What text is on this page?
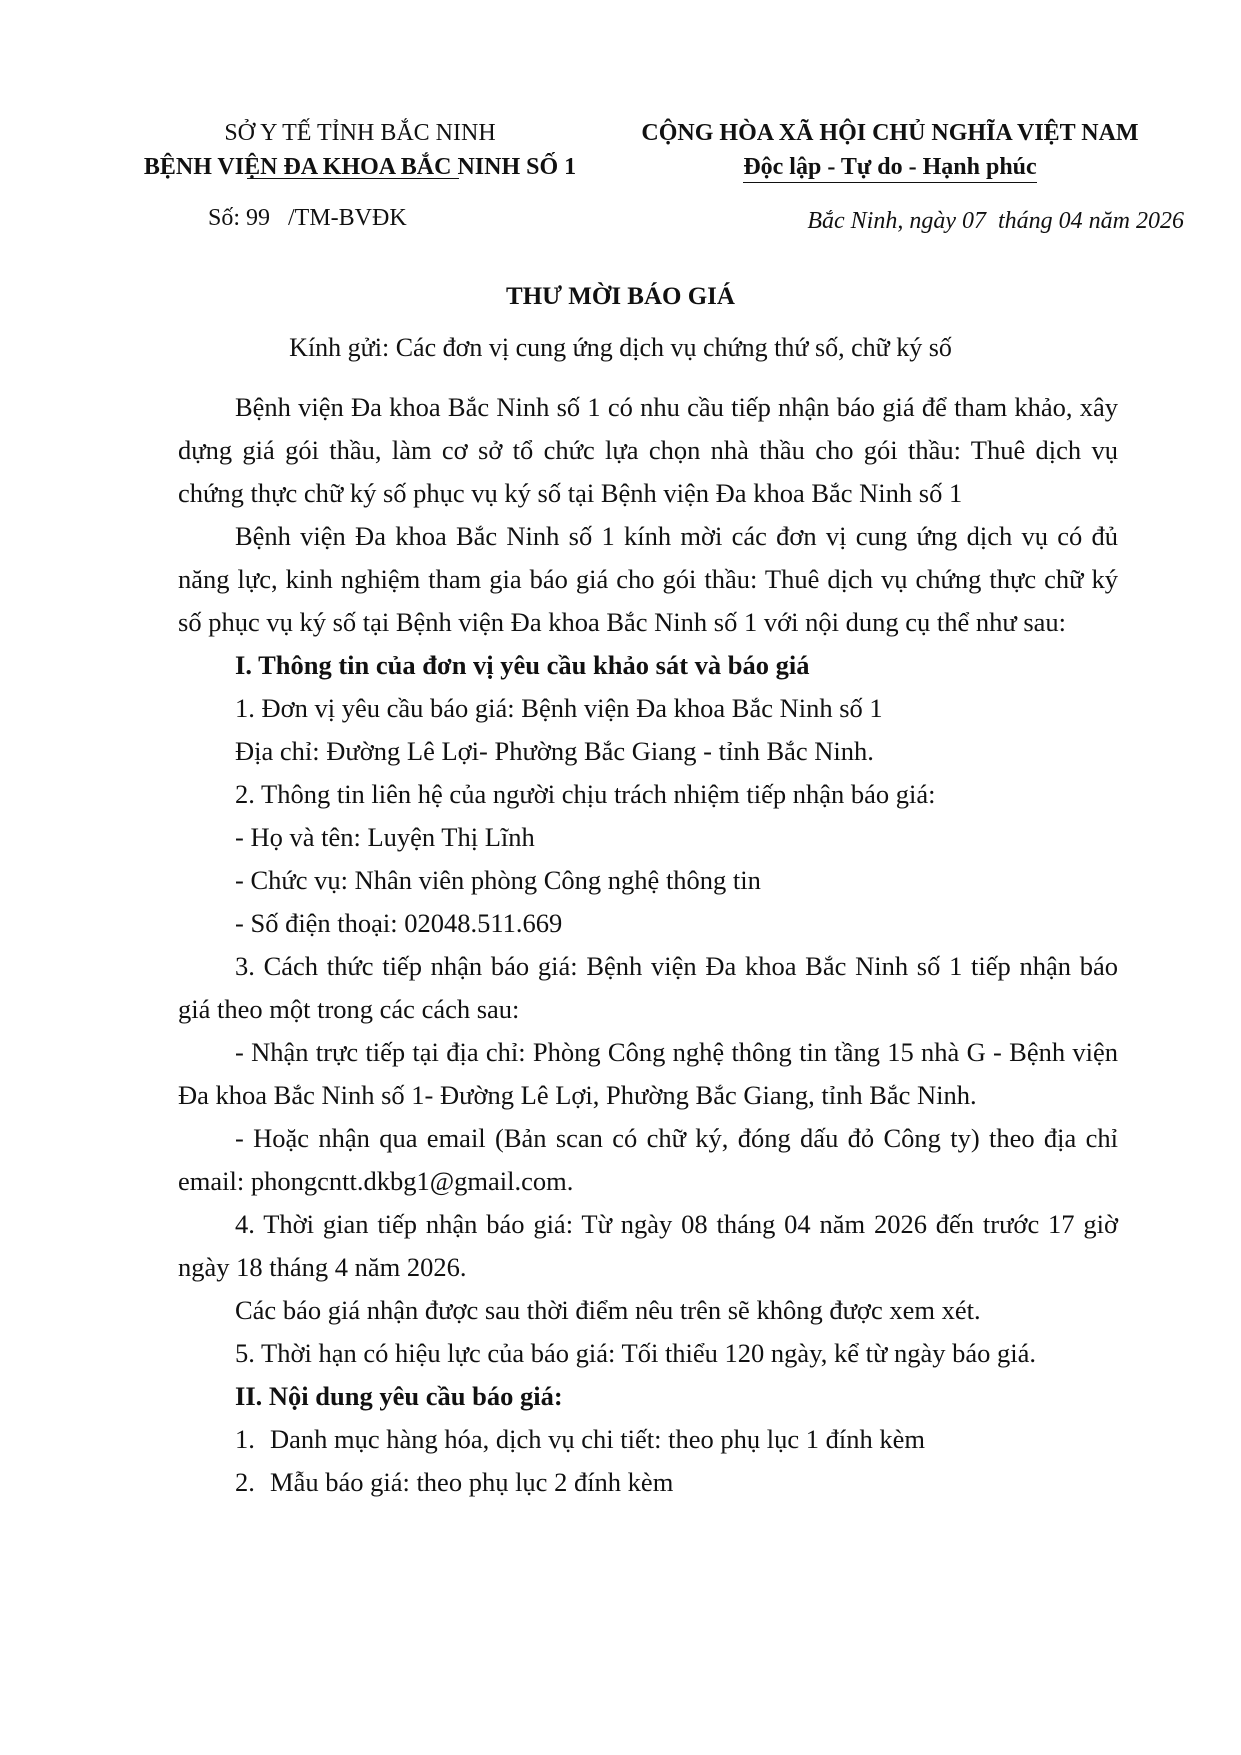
SỞ Y TẾ TỈNH BẮC NINH
BỆNH VIỆN ĐA KHOA BẮC NINH SỐ 1
CỘNG HÒA XÃ HỘI CHỦ NGHĨA VIỆT NAM
Độc lập - Tự do - Hạnh phúc
Số: 99   /TM-BVĐK	Bắc Ninh, ngày 07  tháng 04 năm 2026
THƯ MỜI BÁO GIÁ
Kính gửi: Các đơn vị cung ứng dịch vụ chứng thứ số, chữ ký số

Bệnh viện Đa khoa Bắc Ninh số 1 có nhu cầu tiếp nhận báo giá để tham khảo, xây dựng giá gói thầu, làm cơ sở tổ chức lựa chọn nhà thầu cho gói thầu: Thuê dịch vụ chứng thực chữ ký số phục vụ ký số tại Bệnh viện Đa khoa Bắc Ninh số 1

Bệnh viện Đa khoa Bắc Ninh số 1 kính mời các đơn vị cung ứng dịch vụ có đủ năng lực, kinh nghiệm tham gia báo giá cho gói thầu: Thuê dịch vụ chứng thực chữ ký số phục vụ ký số tại Bệnh viện Đa khoa Bắc Ninh số 1 với nội dung cụ thể như sau:

I. Thông tin của đơn vị yêu cầu khảo sát và báo giá

1. Đơn vị yêu cầu báo giá: Bệnh viện Đa khoa Bắc Ninh số 1

Địa chỉ: Đường Lê Lợi- Phường Bắc Giang - tỉnh Bắc Ninh.

2. Thông tin liên hệ của người chịu trách nhiệm tiếp nhận báo giá:

- Họ và tên: Luyện Thị Lĩnh

- Chức vụ: Nhân viên phòng Công nghệ thông tin

- Số điện thoại: 02048.511.669

3. Cách thức tiếp nhận báo giá: Bệnh viện Đa khoa Bắc Ninh số 1 tiếp nhận báo giá theo một trong các cách sau:

- Nhận trực tiếp tại địa chỉ: Phòng Công nghệ thông tin tầng 15 nhà G - Bệnh viện Đa khoa Bắc Ninh số 1- Đường Lê Lợi, Phường Bắc Giang, tỉnh Bắc Ninh.

- Hoặc nhận qua email (Bản scan có chữ ký, đóng dấu đỏ Công ty) theo địa chỉ email: phongcntt.dkbg1@gmail.com.

4. Thời gian tiếp nhận báo giá: Từ ngày 08 tháng 04 năm 2026 đến trước 17 giờ ngày 18 tháng 4 năm 2026.

Các báo giá nhận được sau thời điểm nêu trên sẽ không được xem xét.

5. Thời hạn có hiệu lực của báo giá: Tối thiểu 120 ngày, kể từ ngày báo giá.

II. Nội dung yêu cầu báo giá:

1. Danh mục hàng hóa, dịch vụ chi tiết: theo phụ lục 1 đính kèm
2. Mẫu báo giá: theo phụ lục 2 đính kèm
